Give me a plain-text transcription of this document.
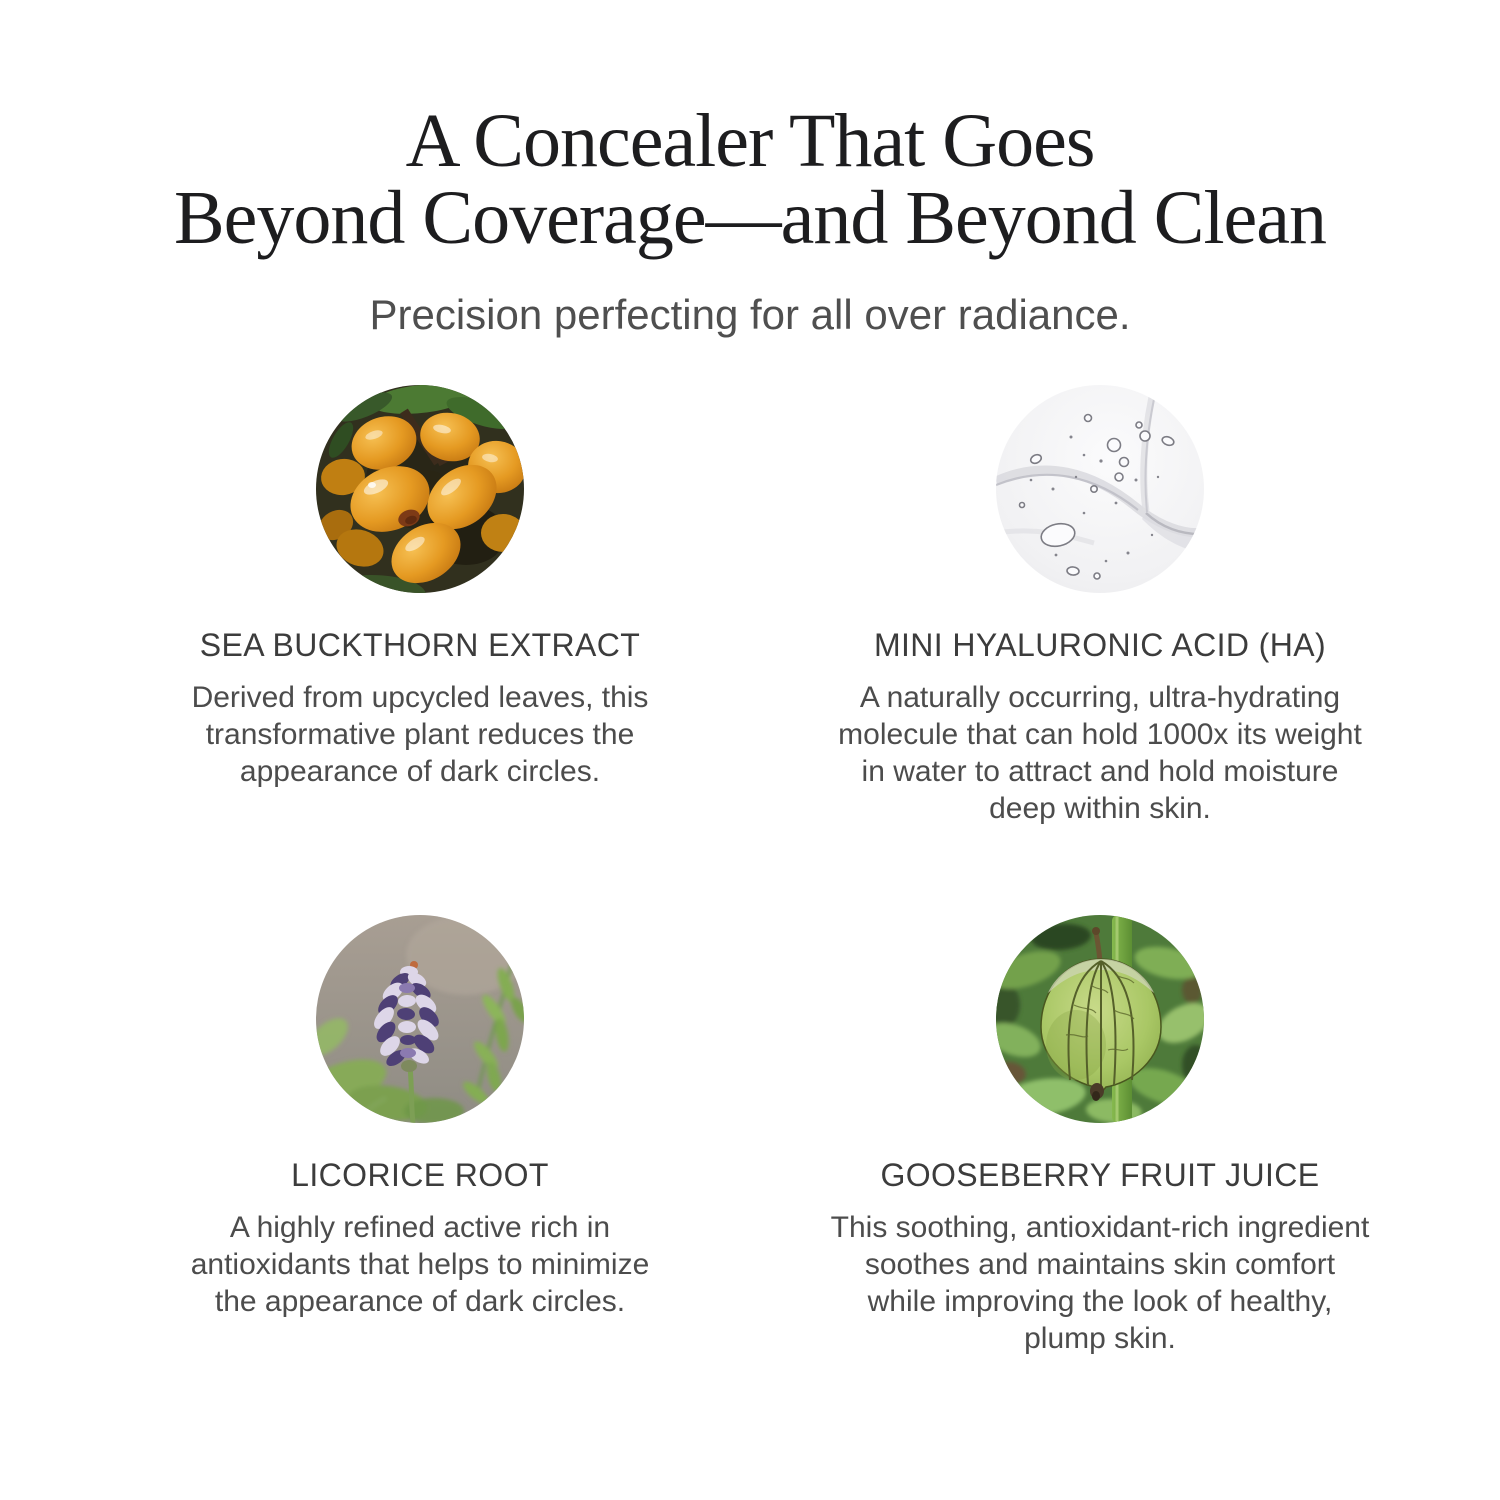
A Concealer That Goes
Beyond Coverage—and Beyond Clean

Precision perfecting for all over radiance.

SEA BUCKTHORN EXTRACT
Derived from upcycled leaves, this
transformative plant reduces the
appearance of dark circles.
MINI HYALURONIC ACID (HA)
A naturally occurring, ultra-hydrating
molecule that can hold 1000x its weight
in water to attract and hold moisture
deep within skin.
LICORICE ROOT
A highly refined active rich in
antioxidants that helps to minimize
the appearance of dark circles.
GOOSEBERRY FRUIT JUICE
This soothing, antioxidant-rich ingredient
soothes and maintains skin comfort
while improving the look of healthy,
plump skin.
